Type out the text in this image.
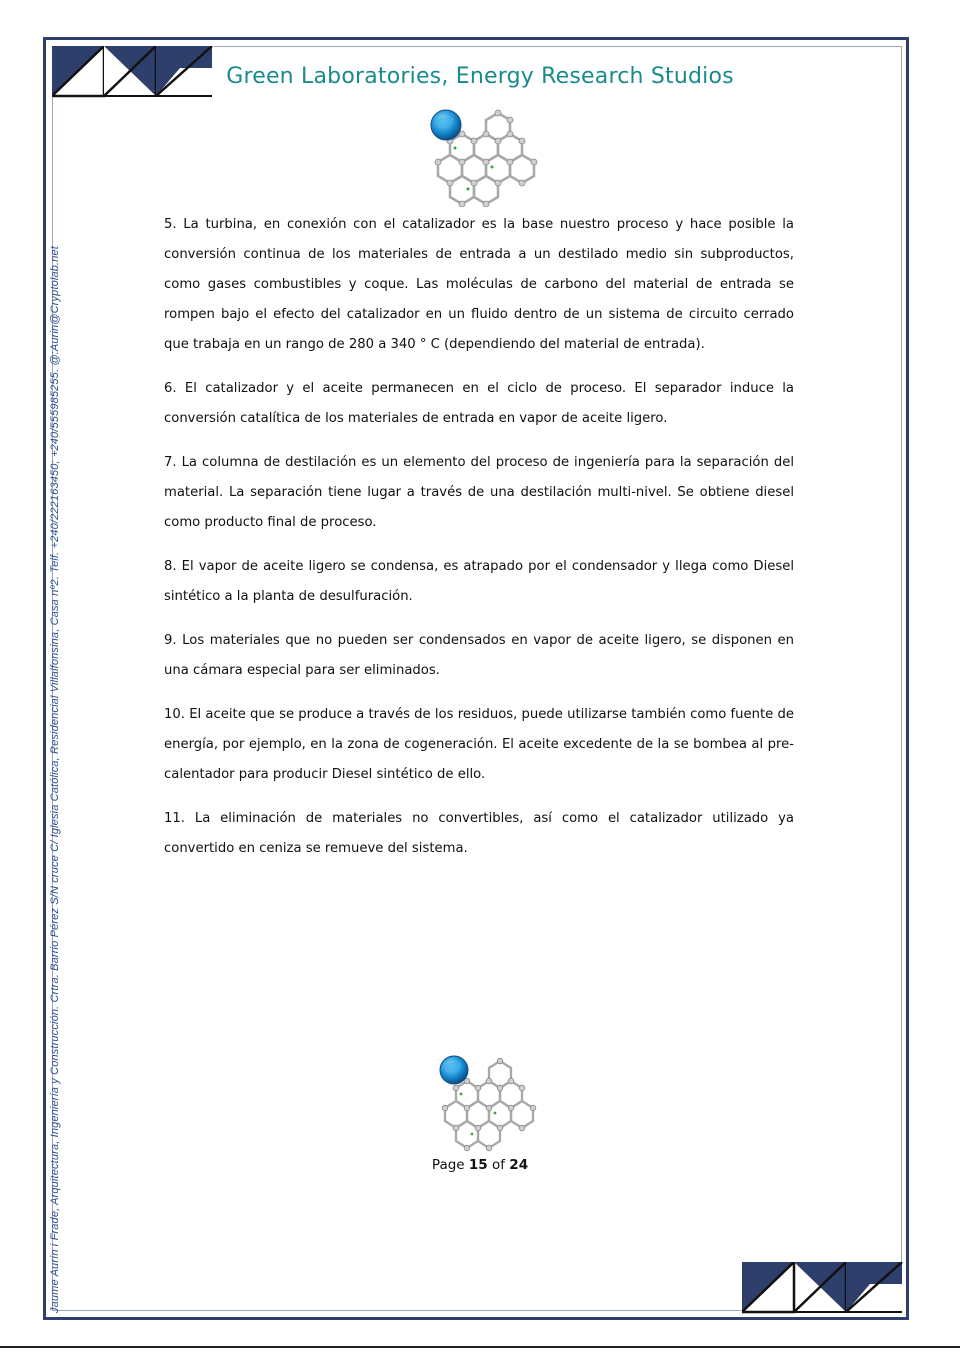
Green Laboratories, Energy Research Studios
Jaume Aurín i Frade, Arquitectura, Ingeniería y Construcción. Crtra. Barrio Pérez S/N cruce C/ Iglesia Católica, Residencial Villalfonsina, Casa nº2. Telf. +240/222163450; +240/555985255. @:Aurin@Cryptolab.net

5. La turbina, en conexión con el catalizador es la base nuestro proceso y hace posible la conversión continua de los materiales de entrada a un destilado medio sin subproductos, como gases combustibles y coque. Las moléculas de carbono del material de entrada se rompen bajo el efecto del catalizador en un fluido dentro de un sistema de circuito cerrado que trabaja en un rango de 280 a 340 ° C (dependiendo del material de entrada).

6. El catalizador y el aceite permanecen en el ciclo de proceso. El separador induce la conversión catalítica de los materiales de entrada en vapor de aceite ligero.

7. La columna de destilación es un elemento del proceso de ingeniería para la separación del material. La separación tiene lugar a través de una destilación multi-nivel. Se obtiene diesel como producto final de proceso.

8. El vapor de aceite ligero se condensa, es atrapado por el condensador y llega como Diesel sintético a la planta de desulfuración.

9. Los materiales que no pueden ser condensados en vapor de aceite ligero, se disponen en una cámara especial para ser eliminados.

10. El aceite que se produce a través de los residuos, puede utilizarse también como fuente de energía, por ejemplo, en la zona de cogeneración. El aceite excedente de la se bombea al pre-calentador para producir Diesel sintético de ello.

11. La eliminación de materiales no convertibles, así como el catalizador utilizado ya convertido en ceniza se remueve del sistema.

Page 15 of 24
